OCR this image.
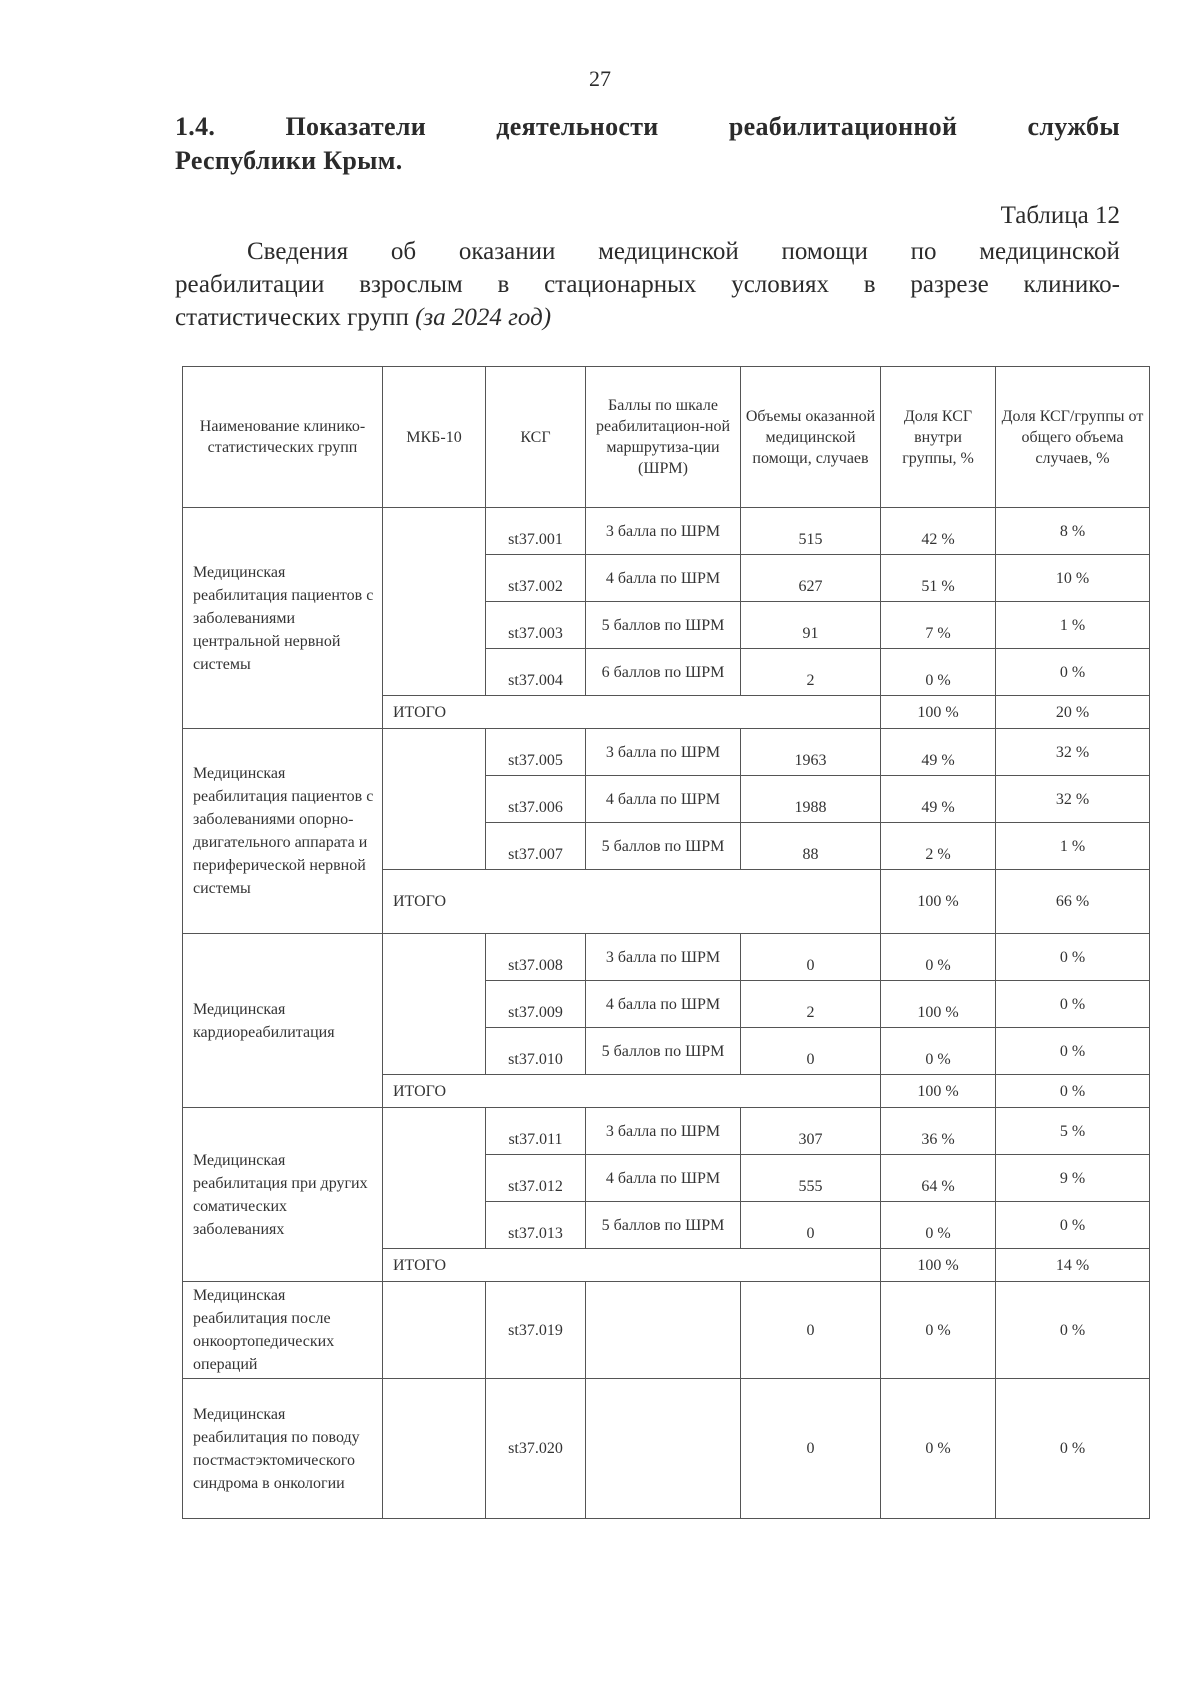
27
1.4.	Показатели	деятельности	реабилитационной	службы
Республики Крым.
Таблица 12
Сведения об оказании медицинской помощи по медицинской
реабилитации взрослым в стационарных условиях в разрезе клинико-
статистических групп (за 2024 год)
Наименование клинико-статистических групп	МКБ-10	КСГ	Баллы по шкале реабилитацион-ной маршрутиза-ции (ШРМ)	Объемы оказанной медицинской помощи, случаев	Доля КСГ внутри группы, %	Доля КСГ/группы от общего объема случаев, %
Медицинская реабилитация пациентов с заболеваниями центральной нервной системы		st37.001	3 балла по ШРМ	515	42 %	8 %
		st37.002	4 балла по ШРМ	627	51 %	10 %
		st37.003	5 баллов по ШРМ	91	7 %	1 %
		st37.004	6 баллов по ШРМ	2	0 %	0 %
	ИТОГО				100 %	20 %
Медицинская реабилитация пациентов с заболеваниями опорно-двигательного аппарата и периферической нервной системы		st37.005	3 балла по ШРМ	1963	49 %	32 %
		st37.006	4 балла по ШРМ	1988	49 %	32 %
		st37.007	5 баллов по ШРМ	88	2 %	1 %
	ИТОГО				100 %	66 %
Медицинская кардиореабилитация		st37.008	3 балла по ШРМ	0	0 %	0 %
		st37.009	4 балла по ШРМ	2	100 %	0 %
		st37.010	5 баллов по ШРМ	0	0 %	0 %
	ИТОГО				100 %	0 %
Медицинская реабилитация при других соматических заболеваниях		st37.011	3 балла по ШРМ	307	36 %	5 %
		st37.012	4 балла по ШРМ	555	64 %	9 %
		st37.013	5 баллов по ШРМ	0	0 %	0 %
	ИТОГО				100 %	14 %
Медицинская реабилитация после онкоортопедических операций		st37.019		0	0 %	0 %
Медицинская реабилитация по поводу постмастэктомического синдрома в онкологии		st37.020		0	0 %	0 %
